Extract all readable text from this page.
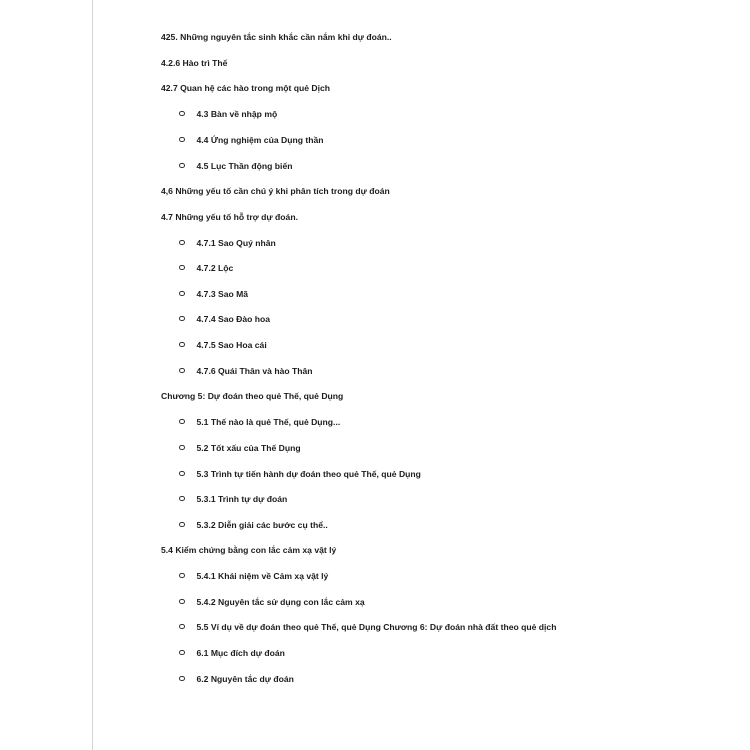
425. Những nguyên tắc sinh khắc cần nắm khi dự đoán..
4.2.6 Hào trì Thế
42.7 Quan hệ các hào trong một quẻ Dịch
4.3 Bàn về nhập mộ
4.4 Ứng nghiệm của Dụng thần
4.5 Lục Thần động biến
4,6 Những yếu tố cần chú ý khi phân tích trong dự đoán
4.7 Những yếu tố hỗ trợ dự đoán.
4.7.1 Sao Quý nhân
4.7.2 Lộc
4.7.3 Sao Mã
4.7.4 Sao Đào hoa
4.7.5 Sao Hoa cái
4.7.6 Quái Thân và hào Thân
Chương 5: Dự đoán theo quẻ Thế, quẻ Dụng
5.1 Thế nào là quẻ Thế, quẻ Dụng...
5.2 Tốt xấu của Thế Dụng
5.3 Trình tự tiến hành dự đoán theo quẻ Thế, quẻ Dụng
5.3.1 Trình tự dự đoán
5.3.2 Diễn giải các bước cụ thể..
5.4 Kiểm chứng bằng con lắc cảm xạ vật lý
5.4.1 Khái niệm về Cảm xạ vật lý
5.4.2 Nguyên tắc sử dụng con lắc cảm xạ
5.5 Ví dụ về dự đoán theo quẻ Thế, quẻ Dụng Chương 6: Dự đoán nhà đất theo quẻ dịch
6.1 Mục đích dự đoán
6.2 Nguyên tắc dự đoán
